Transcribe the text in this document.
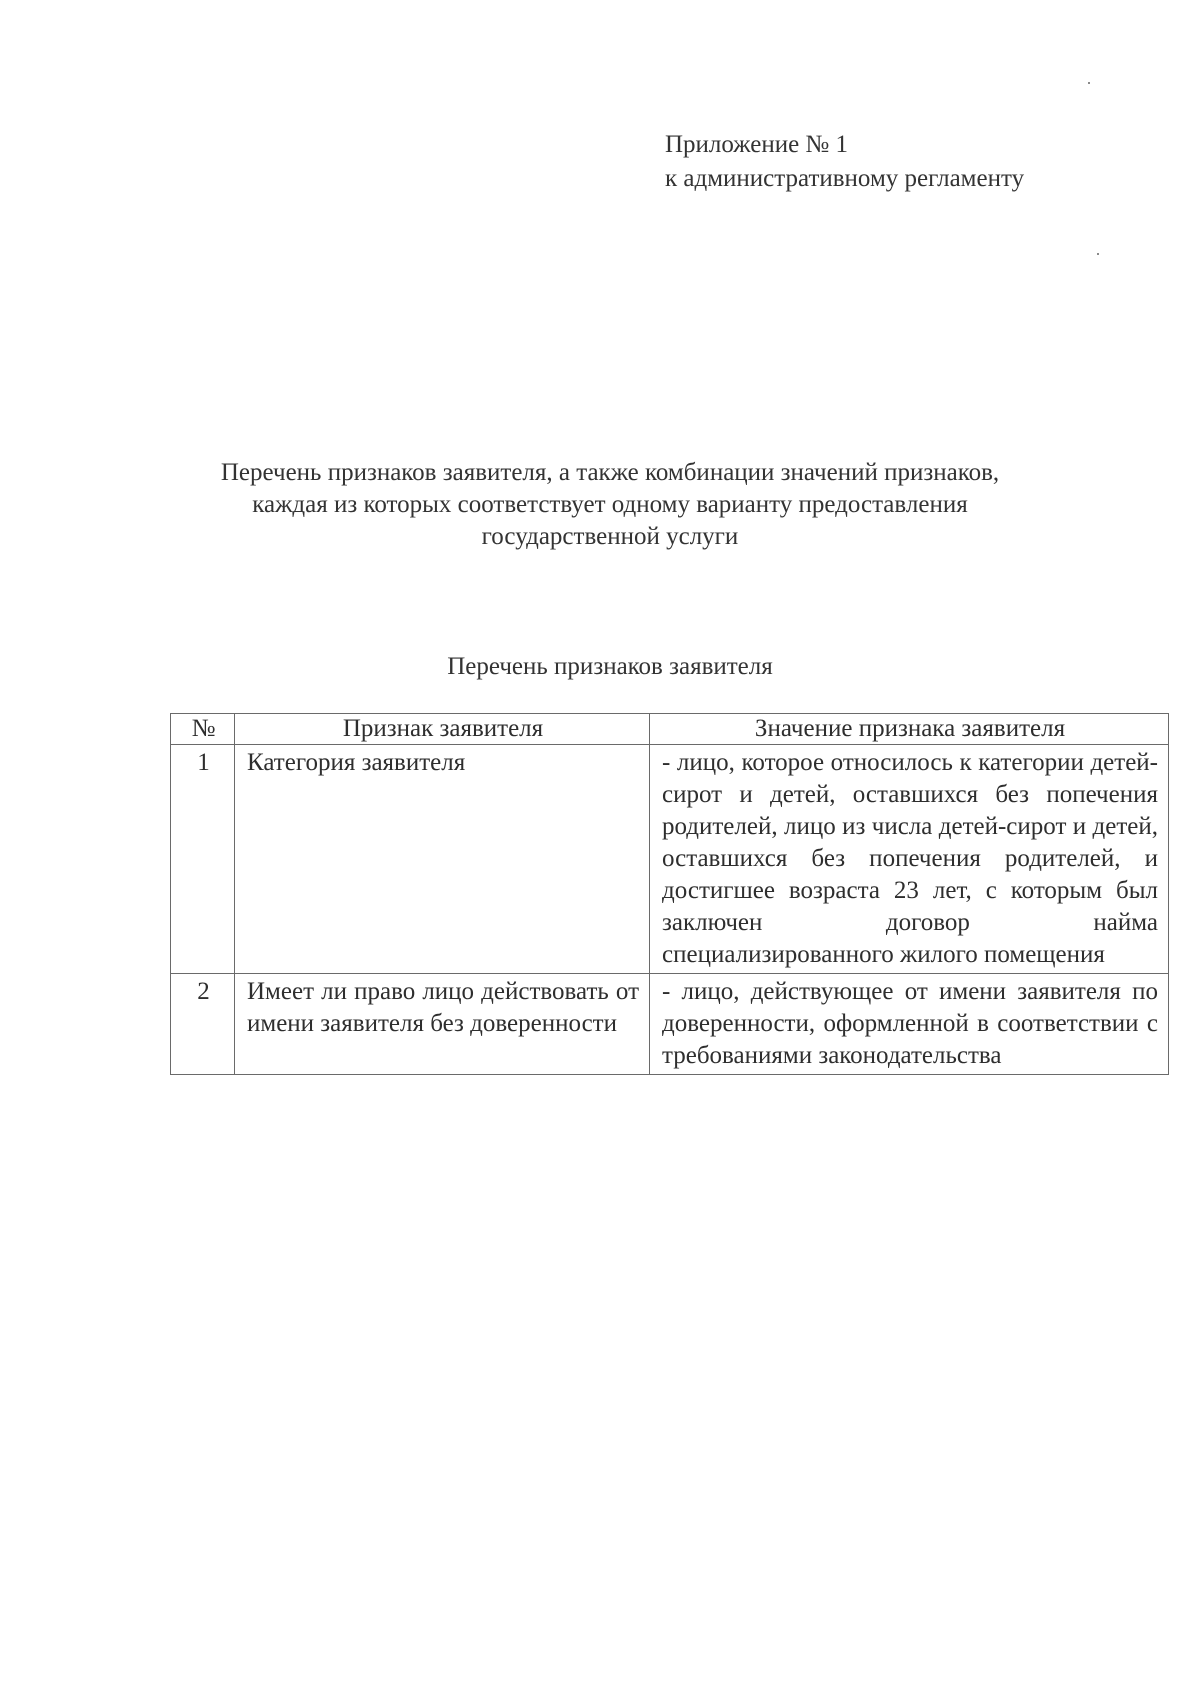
Приложение № 1
к административному регламенту
Перечень признаков заявителя, а также комбинации значений признаков,
каждая из которых соответствует одному варианту предоставления
государственной услуги
Перечень признаков заявителя
№	Признак заявителя	Значение признака заявителя
1	Категория заявителя	- лицо, которое относилось к категории детей-сирот и детей, оставшихся без попечения родителей, лицо из числа детей-сирот и детей, оставшихся без попечения родителей, и достигшее возраста 23 лет, с которым был заключен договор найма специализированного жилого помещения
2	Имеет ли право лицо действовать от имени заявителя без доверенности	- лицо, действующее от имени заявителя по доверенности, оформленной в соответствии с требованиями законодательства
